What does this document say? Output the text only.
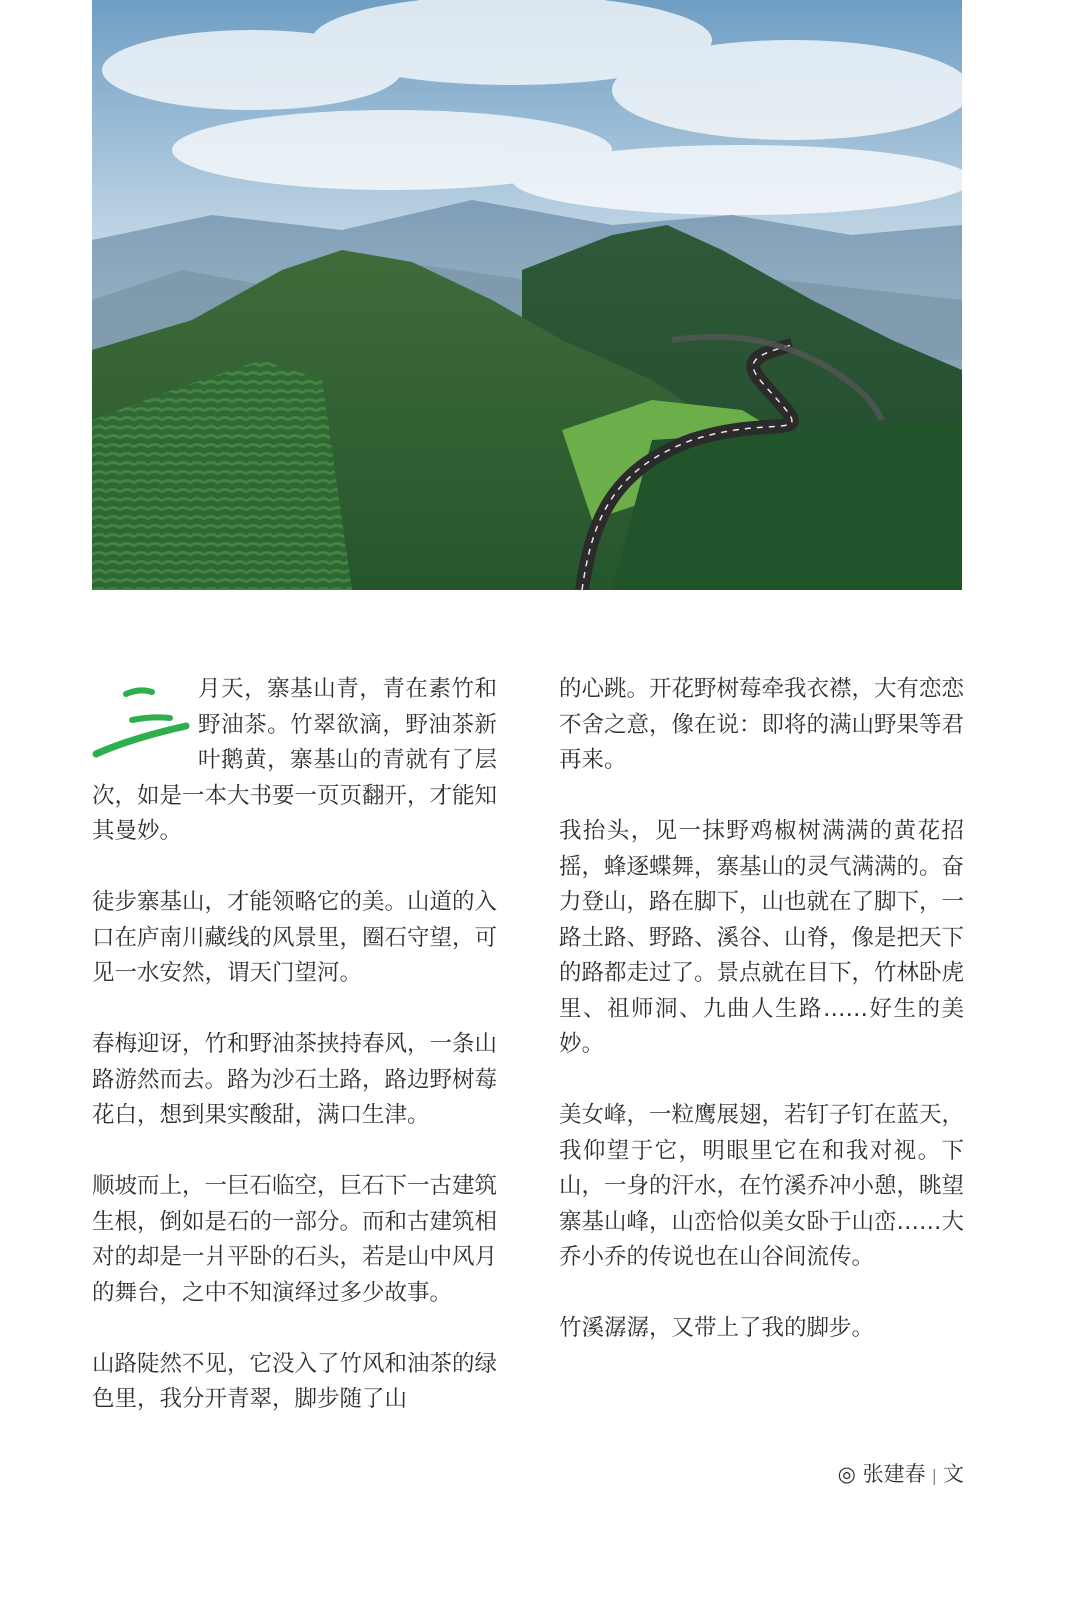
月天，寨基山青，青在素竹和野油茶。竹翠欲滴，野油茶新叶鹅黄，寨基山的青就有了层次，如是一本大书要一页页翻开，才能知其曼妙。

徒步寨基山，才能领略它的美。山道的入口在庐南川藏线的风景里，圈石守望，可见一水安然，谓天门望河。

春梅迎讶，竹和野油茶挟持春风，一条山路游然而去。路为沙石土路，路边野树莓花白，想到果实酸甜，满口生津。

顺坡而上，一巨石临空，巨石下一古建筑生根，倒如是石的一部分。而和古建筑相对的却是一爿平卧的石头，若是山中风月的舞台，之中不知演绎过多少故事。

山路陡然不见，它没入了竹风和油茶的绿色里，我分开青翠，脚步随了山

的心跳。开花野树莓牵我衣襟，大有恋恋不舍之意，像在说：即将的满山野果等君再来。

我抬头，见一抹野鸡椒树满满的黄花招摇，蜂逐蝶舞，寨基山的灵气满满的。奋力登山，路在脚下，山也就在了脚下，一路土路、野路、溪谷、山脊，像是把天下的路都走过了。景点就在目下，竹林卧虎里、祖师洞、九曲人生路……好生的美妙。

美女峰，一粒鹰展翅，若钉子钉在蓝天，我仰望于它，明眼里它在和我对视。下山，一身的汗水，在竹溪乔冲小憩，眺望寨基山峰，山峦恰似美女卧于山峦……大乔小乔的传说也在山谷间流传。

竹溪潺潺，又带上了我的脚步。

◎ 张建春 | 文
